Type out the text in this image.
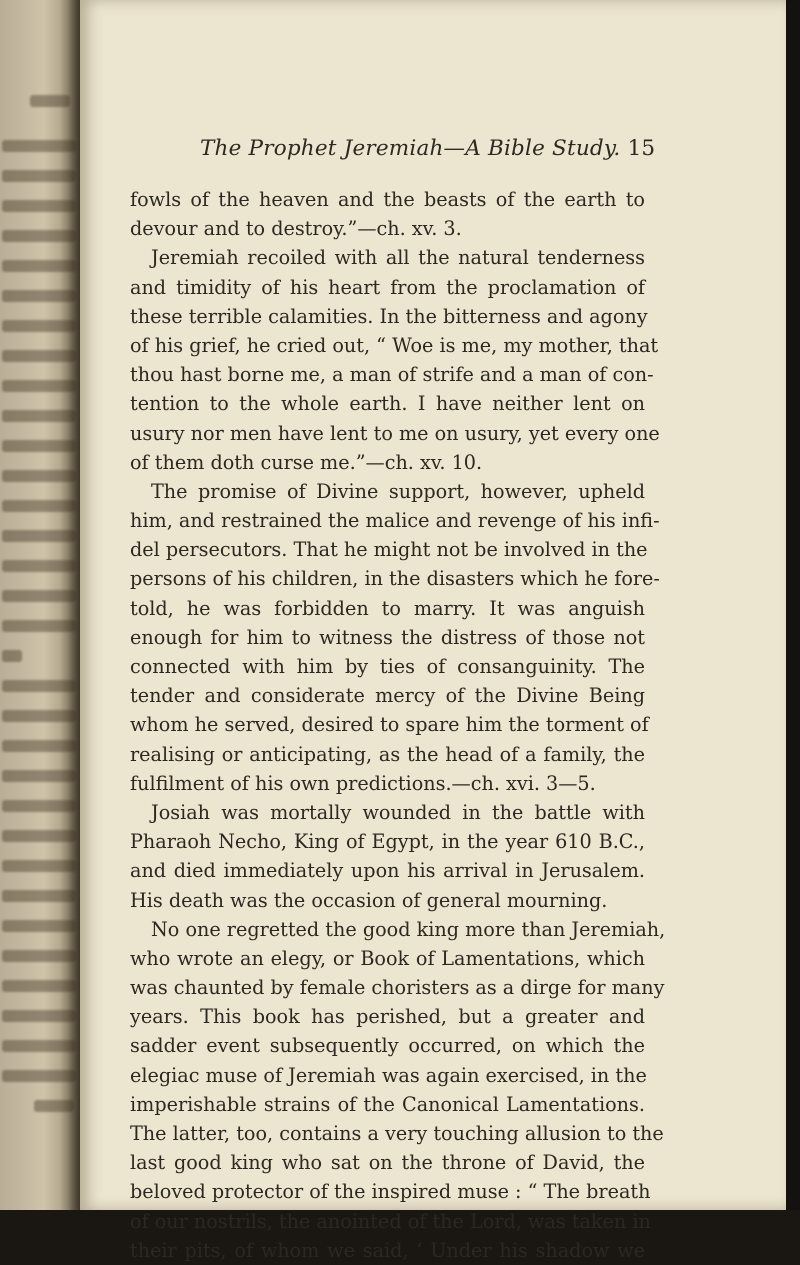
The Prophet Jeremiah—A Bible Study. 15
fowls of the heaven and the beasts of the earth to
devour and to destroy.”—ch. xv. 3.
Jeremiah recoiled with all the natural tenderness
and timidity of his heart from the proclamation of
these terrible calamities. In the bitterness and agony
of his grief, he cried out, “ Woe is me, my mother, that
thou hast borne me, a man of strife and a man of con-
tention to the whole earth. I have neither lent on
usury nor men have lent to me on usury, yet every one
of them doth curse me.”—ch. xv. 10.
The promise of Divine support, however, upheld
him, and restrained the malice and revenge of his infi-
del persecutors. That he might not be involved in the
persons of his children, in the disasters which he fore-
told, he was forbidden to marry. It was anguish
enough for him to witness the distress of those not
connected with him by ties of consanguinity. The
tender and considerate mercy of the Divine Being
whom he served, desired to spare him the torment of
realising or anticipating, as the head of a family, the
fulfilment of his own predictions.—ch. xvi. 3—5.
Josiah was mortally wounded in the battle with
Pharaoh Necho, King of Egypt, in the year 610 B.C.,
and died immediately upon his arrival in Jerusalem.
His death was the occasion of general mourning.
No one regretted the good king more than Jeremiah,
who wrote an elegy, or Book of Lamentations, which
was chaunted by female choristers as a dirge for many
years. This book has perished, but a greater and
sadder event subsequently occurred, on which the
elegiac muse of Jeremiah was again exercised, in the
imperishable strains of the Canonical Lamentations.
The latter, too, contains a very touching allusion to the
last good king who sat on the throne of David, the
beloved protector of the inspired muse : “ The breath
of our nostrils, the anointed of the Lord, was taken in
their pits, of whom we said, ‘ Under his shadow we
